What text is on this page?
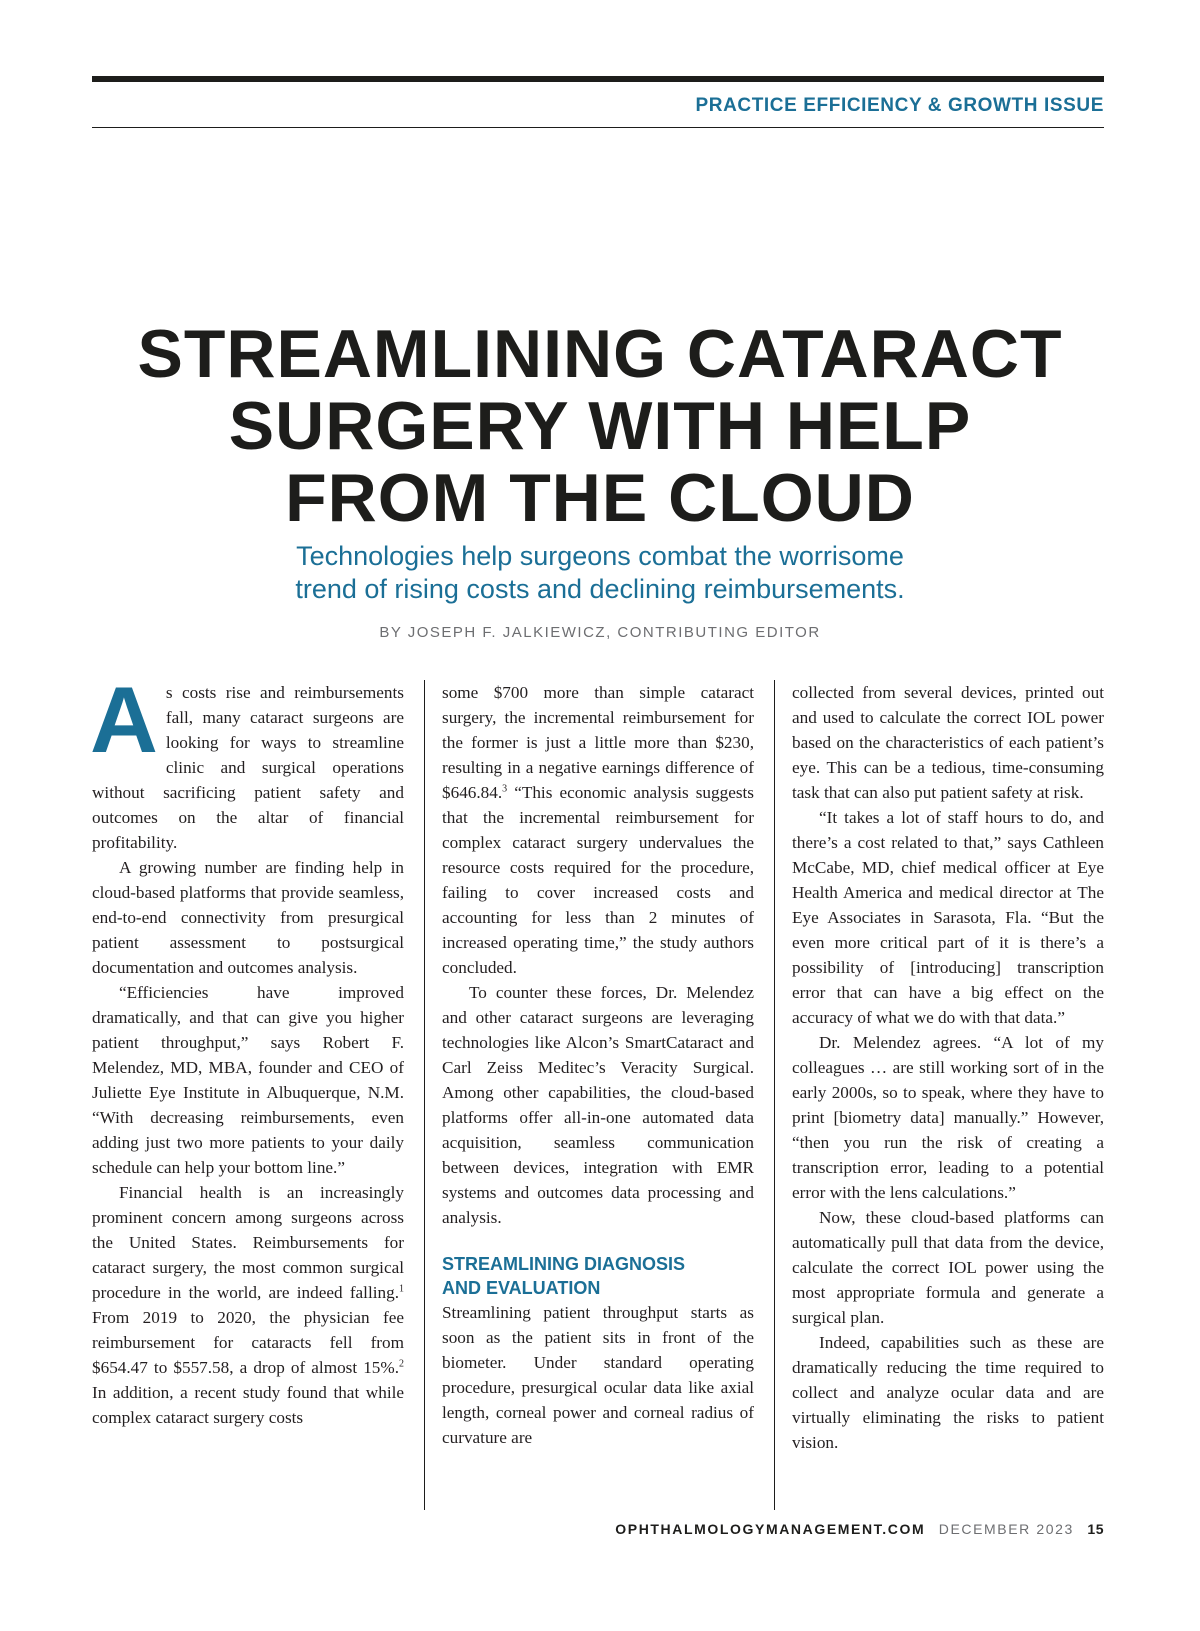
PRACTICE EFFICIENCY & GROWTH ISSUE
STREAMLINING CATARACT
SURGERY WITH HELP
FROM THE CLOUD

Technologies help surgeons combat the worrisome
trend of rising costs and declining reimbursements.

BY JOSEPH F. JALKIEWICZ, CONTRIBUTING EDITOR

As costs rise and reimbursements fall, many cataract surgeons are looking for ways to streamline clinic and surgical operations without sacrificing patient safety and outcomes on the altar of financial profitability.

A growing number are finding help in cloud-based platforms that provide seamless, end-to-end connectivity from presurgical patient assessment to postsurgical documentation and outcomes analysis.

“Efficiencies have improved dramatically, and that can give you higher patient throughput,” says Robert F. Melendez, MD, MBA, founder and CEO of Juliette Eye Institute in Albuquerque, N.M. “With decreasing reimbursements, even adding just two more patients to your daily schedule can help your bottom line.”

Financial health is an increasingly prominent concern among surgeons across the United States. Reimbursements for cataract surgery, the most common surgical procedure in the world, are indeed falling.$^1$ From 2019 to 2020, the physician fee reimbursement for cataracts fell from $654.47 to $557.58, a drop of almost 15%.$^2$ In addition, a recent study found that while complex cataract surgery costs

some $700 more than simple cataract surgery, the incremental reimbursement for the former is just a little more than $230, resulting in a negative earnings difference of $646.84.$^3$ “This economic analysis suggests that the incremental reimbursement for complex cataract surgery undervalues the resource costs required for the procedure, failing to cover increased costs and accounting for less than 2 minutes of increased operating time,” the study authors concluded.

To counter these forces, Dr. Melendez and other cataract surgeons are leveraging technologies like Alcon’s SmartCataract and Carl Zeiss Meditec’s Veracity Surgical. Among other capabilities, the cloud-based platforms offer all-in-one automated data acquisition, seamless communication between devices, integration with EMR systems and outcomes data processing and analysis.

STREAMLINING DIAGNOSIS
AND EVALUATION

Streamlining patient throughput starts as soon as the patient sits in front of the biometer. Under standard operating procedure, presurgical ocular data like axial length, corneal power and corneal radius of curvature are

collected from several devices, printed out and used to calculate the correct IOL power based on the characteristics of each patient’s eye. This can be a tedious, time-consuming task that can also put patient safety at risk.

“It takes a lot of staff hours to do, and there’s a cost related to that,” says Cathleen McCabe, MD, chief medical officer at Eye Health America and medical director at The Eye Associates in Sarasota, Fla. “But the even more critical part of it is there’s a possibility of [introducing] transcription error that can have a big effect on the accuracy of what we do with that data.”

Dr. Melendez agrees. “A lot of my colleagues … are still working sort of in the early 2000s, so to speak, where they have to print [biometry data] manually.” However, “then you run the risk of creating a transcription error, leading to a potential error with the lens calculations.”

Now, these cloud-based platforms can automatically pull that data from the device, calculate the correct IOL power using the most appropriate formula and generate a surgical plan.

Indeed, capabilities such as these are dramatically reducing the time required to collect and analyze ocular data and are virtually eliminating the risks to patient vision.

OPHTHALMOLOGYMANAGEMENT.COM DECEMBER 2023 15
